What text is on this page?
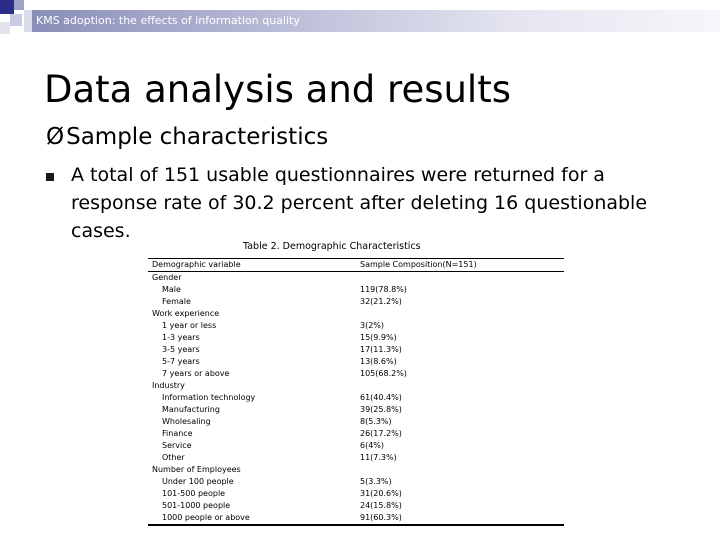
KMS adoption: the effects of information quality
Data analysis and results
ØSample characteristics
A total of 151 usable questionnaires were returned for a response rate of 30.2 percent after deleting 16 questionable cases.
Table 2. Demographic Characteristics
Demographic variable	Sample Composition(N=151)
Gender
Male	119(78.8%)
Female	32(21.2%)
Work experience
1 year or less	3(2%)
1-3 years	15(9.9%)
3-5 years	17(11.3%)
5-7 years	13(8.6%)
7 years or above	105(68.2%)
Industry
Information technology	61(40.4%)
Manufacturing	39(25.8%)
Wholesaling	8(5.3%)
Finance	26(17.2%)
Service	6(4%)
Other	11(7.3%)
Number of Employees
Under 100 people	5(3.3%)
101-500 people	31(20.6%)
501-1000 people	24(15.8%)
1000 people or above	91(60.3%)
